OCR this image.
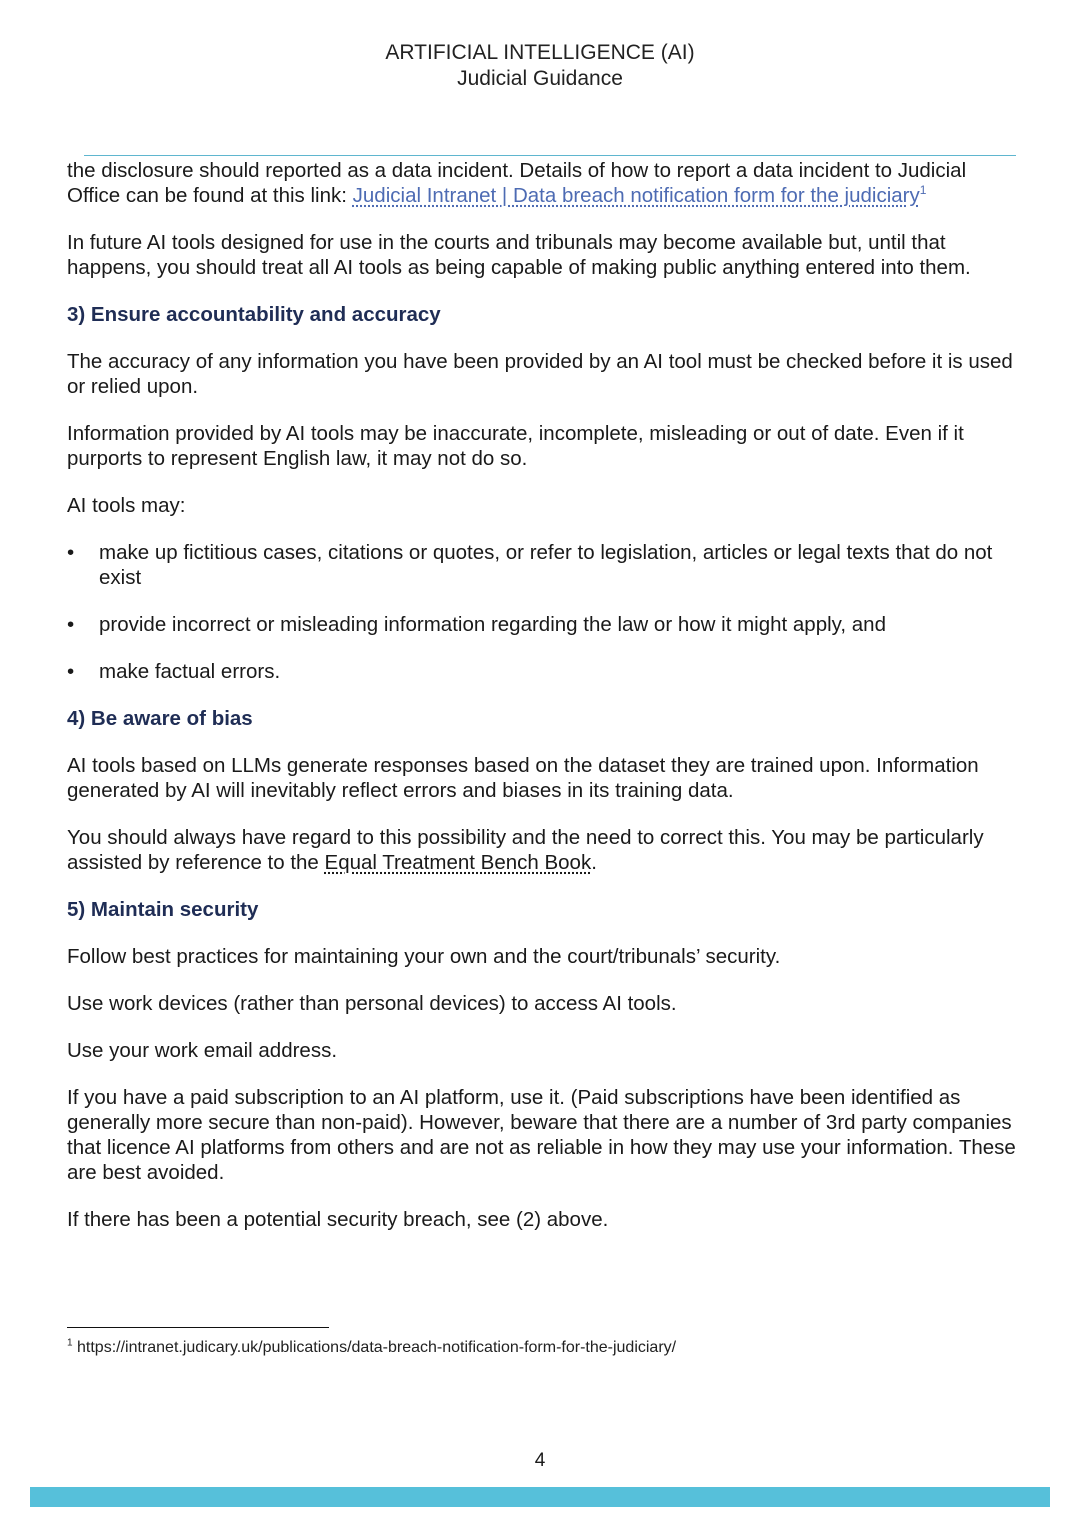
ARTIFICIAL INTELLIGENCE (AI)
Judicial Guidance

the disclosure should reported as a data incident. Details of how to report a data incident to Judicial Office can be found at this link: Judicial Intranet | Data breach notification form for the judiciary$^1$

In future AI tools designed for use in the courts and tribunals may become available but, until that happens, you should treat all AI tools as being capable of making public anything entered into them.

3) Ensure accountability and accuracy

The accuracy of any information you have been provided by an AI tool must be checked before it is used or relied upon.

Information provided by AI tools may be inaccurate, incomplete, misleading or out of date. Even if it purports to represent English law, it may not do so.

AI tools may:

• make up fictitious cases, citations or quotes, or refer to legislation, articles or legal texts that do not exist
• provide incorrect or misleading information regarding the law or how it might apply, and
• make factual errors.
4) Be aware of bias

AI tools based on LLMs generate responses based on the dataset they are trained upon. Information generated by AI will inevitably reflect errors and biases in its training data.

You should always have regard to this possibility and the need to correct this. You may be particularly assisted by reference to the Equal Treatment Bench Book.

5) Maintain security

Follow best practices for maintaining your own and the court/tribunals’ security.

Use work devices (rather than personal devices) to access AI tools.

Use your work email address.

If you have a paid subscription to an AI platform, use it. (Paid subscriptions have been identified as generally more secure than non-paid). However, beware that there are a number of 3rd party companies that licence AI platforms from others and are not as reliable in how they may use your information. These are best avoided.

If there has been a potential security breach, see (2) above.

$^1$ https://intranet.judicary.uk/publications/data-breach-notification-form-for-the-judiciary/
4
